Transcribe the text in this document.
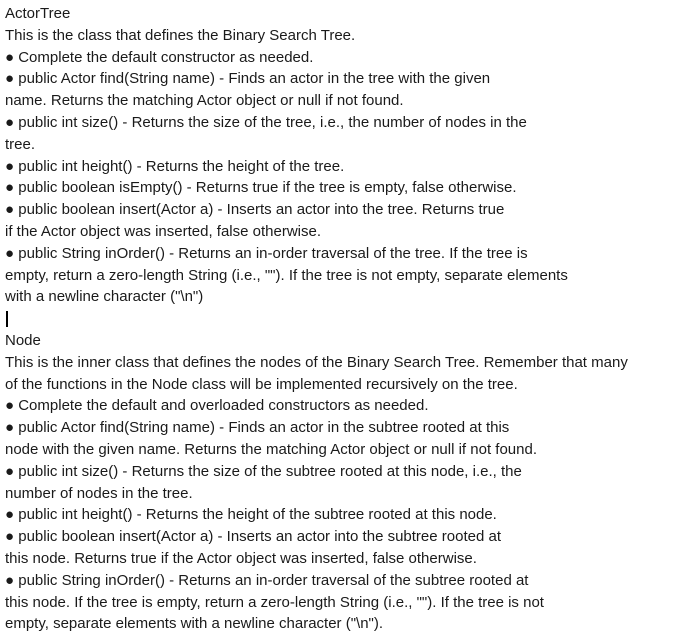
ActorTree
This is the class that defines the Binary Search Tree.
● Complete the default constructor as needed.
● public Actor find(String name) - Finds an actor in the tree with the given
name. Returns the matching Actor object or null if not found.
● public int size() - Returns the size of the tree, i.e., the number of nodes in the
tree.
● public int height() - Returns the height of the tree.
● public boolean isEmpty() - Returns true if the tree is empty, false otherwise.
● public boolean insert(Actor a) - Inserts an actor into the tree. Returns true
if the Actor object was inserted, false otherwise.
● public String inOrder() - Returns an in-order traversal of the tree. If the tree is
empty, return a zero-length String (i.e., ""). If the tree is not empty, separate elements
with a newline character ("\n")
Node
This is the inner class that defines the nodes of the Binary Search Tree. Remember that many
of the functions in the Node class will be implemented recursively on the tree.
● Complete the default and overloaded constructors as needed.
● public Actor find(String name) - Finds an actor in the subtree rooted at this
node with the given name. Returns the matching Actor object or null if not found.
● public int size() - Returns the size of the subtree rooted at this node, i.e., the
number of nodes in the tree.
● public int height() - Returns the height of the subtree rooted at this node.
● public boolean insert(Actor a) - Inserts an actor into the subtree rooted at
this node. Returns true if the Actor object was inserted, false otherwise.
● public String inOrder() - Returns an in-order traversal of the subtree rooted at
this node. If the tree is empty, return a zero-length String (i.e., ""). If the tree is not
empty, separate elements with a newline character ("\n").
